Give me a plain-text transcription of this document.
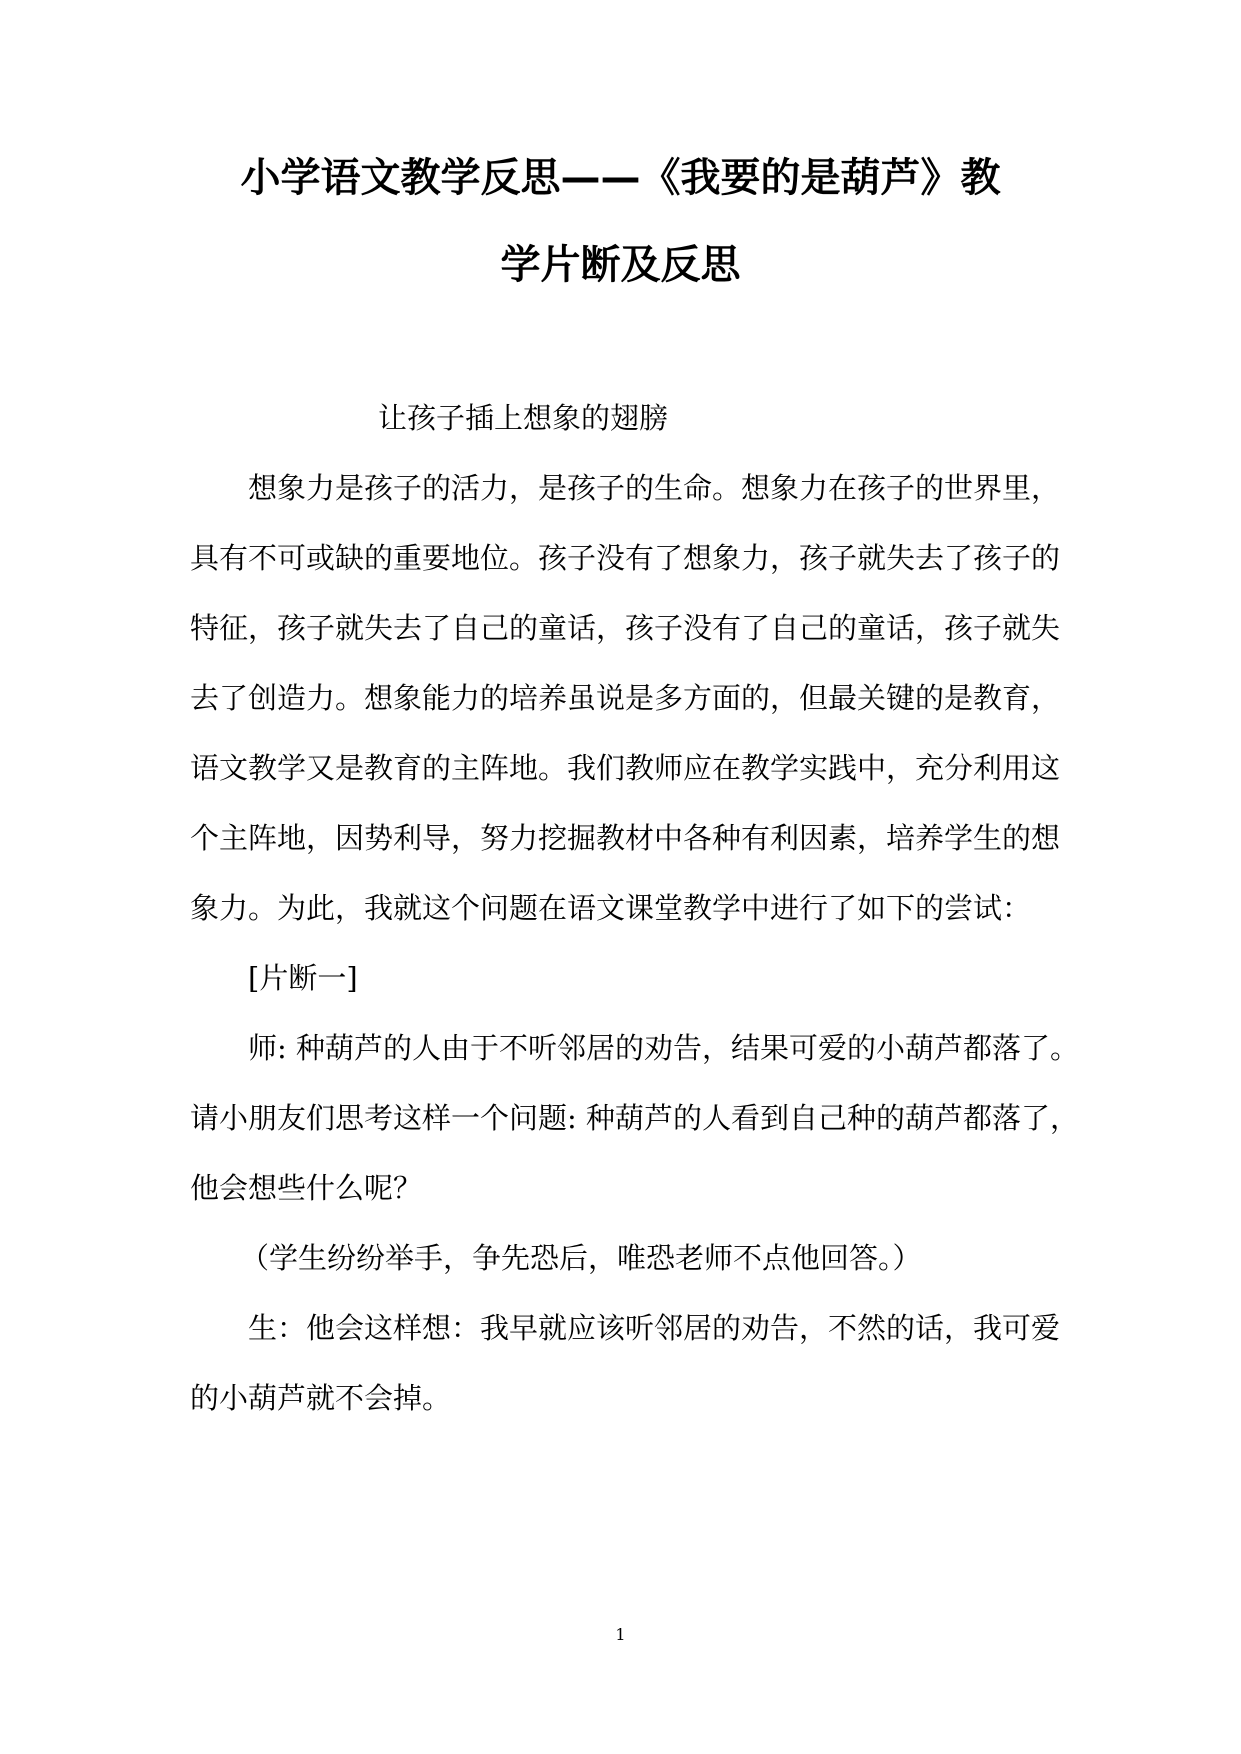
小学语文教学反思——《我要的是葫芦》教
学片断及反思
让孩子插上想象的翅膀
想象力是孩子的活力，是孩子的生命。想象力在孩子的世界里，
具有不可或缺的重要地位。孩子没有了想象力，孩子就失去了孩子的
特征，孩子就失去了自己的童话，孩子没有了自己的童话，孩子就失
去了创造力。想象能力的培养虽说是多方面的，但最关键的是教育，
语文教学又是教育的主阵地。我们教师应在教学实践中，充分利用这
个主阵地，因势利导，努力挖掘教材中各种有利因素，培养学生的想
象力。为此，我就这个问题在语文课堂教学中进行了如下的尝试：
[片断一]
师: 种葫芦的人由于不听邻居的劝告，结果可爱的小葫芦都落了。
请小朋友们思考这样一个问题: 种葫芦的人看到自己种的葫芦都落了，
他会想些什么呢？
（学生纷纷举手，争先恐后，唯恐老师不点他回答。）
生：他会这样想：我早就应该听邻居的劝告，不然的话，我可爱
的小葫芦就不会掉。
1
